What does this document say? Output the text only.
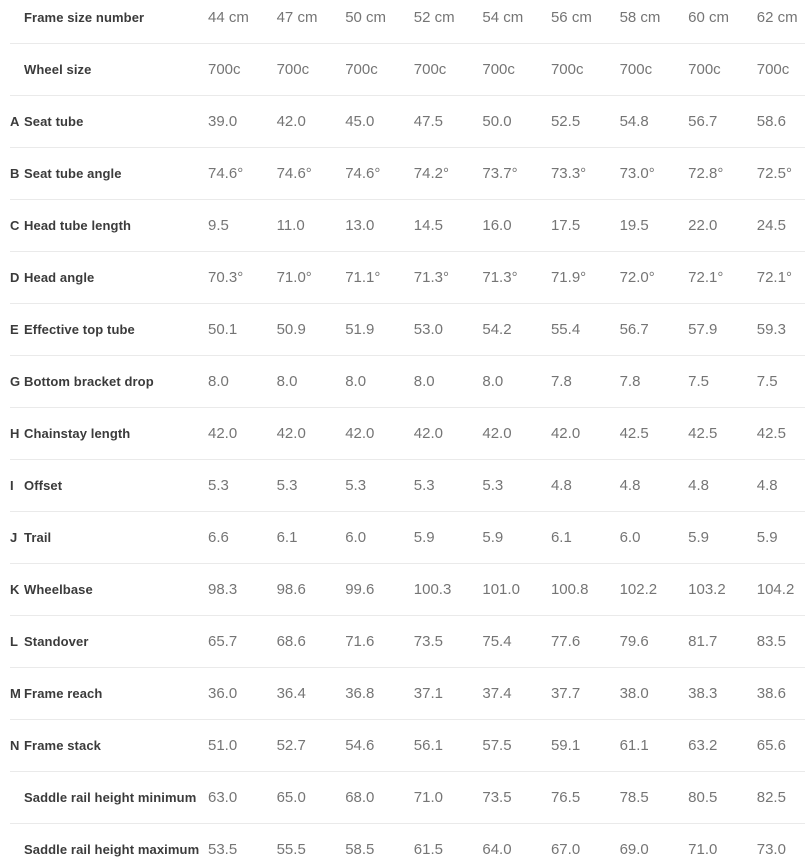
Frame size number	44 cm	47 cm	50 cm	52 cm	54 cm	56 cm	58 cm	60 cm	62 cm
Wheel size	700c	700c	700c	700c	700c	700c	700c	700c	700c
A Seat tube	39.0	42.0	45.0	47.5	50.0	52.5	54.8	56.7	58.6
B Seat tube angle	74.6°	74.6°	74.6°	74.2°	73.7°	73.3°	73.0°	72.8°	72.5°
C Head tube length	9.5	11.0	13.0	14.5	16.0	17.5	19.5	22.0	24.5
D Head angle	70.3°	71.0°	71.1°	71.3°	71.3°	71.9°	72.0°	72.1°	72.1°
E Effective top tube	50.1	50.9	51.9	53.0	54.2	55.4	56.7	57.9	59.3
G Bottom bracket drop	8.0	8.0	8.0	8.0	8.0	7.8	7.8	7.5	7.5
H Chainstay length	42.0	42.0	42.0	42.0	42.0	42.0	42.5	42.5	42.5
I Offset	5.3	5.3	5.3	5.3	5.3	4.8	4.8	4.8	4.8
J Trail	6.6	6.1	6.0	5.9	5.9	6.1	6.0	5.9	5.9
K Wheelbase	98.3	98.6	99.6	100.3	101.0	100.8	102.2	103.2	104.2
L Standover	65.7	68.6	71.6	73.5	75.4	77.6	79.6	81.7	83.5
M Frame reach	36.0	36.4	36.8	37.1	37.4	37.7	38.0	38.3	38.6
N Frame stack	51.0	52.7	54.6	56.1	57.5	59.1	61.1	63.2	65.6
Saddle rail height minimum 63.0	65.0	68.0	71.0	73.5	76.5	78.5	80.5	82.5
Saddle rail height maximum 53.5	55.5	58.5	61.5	64.0	67.0	69.0	71.0	73.0
